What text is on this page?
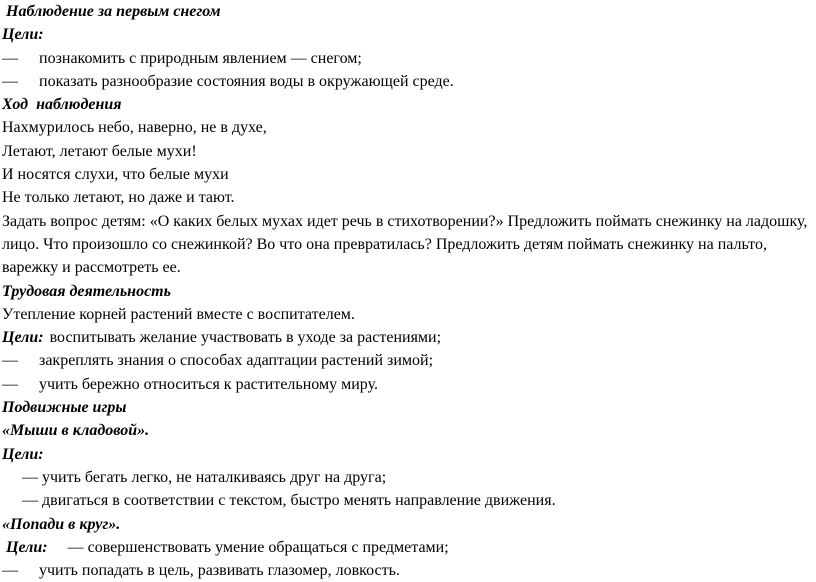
Наблюдение за первым снегом
Цели:
— познакомить с природным явлением — снегом;
— показать разнообразие состояния воды в окружающей среде.
Ход  наблюдения
Нахмурилось небо, наверно, не в духе,
Летают, летают белые мухи!
И носятся слухи, что белые мухи
Не только летают, но даже и тают.
Задать вопрос детям: «О каких белых мухах идет речь в стихотворении?» Предложить поймать снежинку на ладошку, лицо. Что произошло со снежинкой? Во что она превратилась? Предложить детям поймать снежинку на пальто, варежку и рассмотреть ее.
Трудовая деятельность
Утепление корней растений вместе с воспитателем.
Цели: воспитывать желание участвовать в уходе за растениями;
— закреплять знания о способах адаптации растений зимой;
— учить бережно относиться к растительному миру.
Подвижные игры
«Мыши в кладовой».
Цели:
— учить бегать легко, не наталкиваясь друг на друга;
— двигаться в соответствии с текстом, быстро менять направление движения.
«Попади в круг».
Цели: — совершенствовать умение обращаться с предметами;
— учить попадать в цель, развивать глазомер, ловкость.
